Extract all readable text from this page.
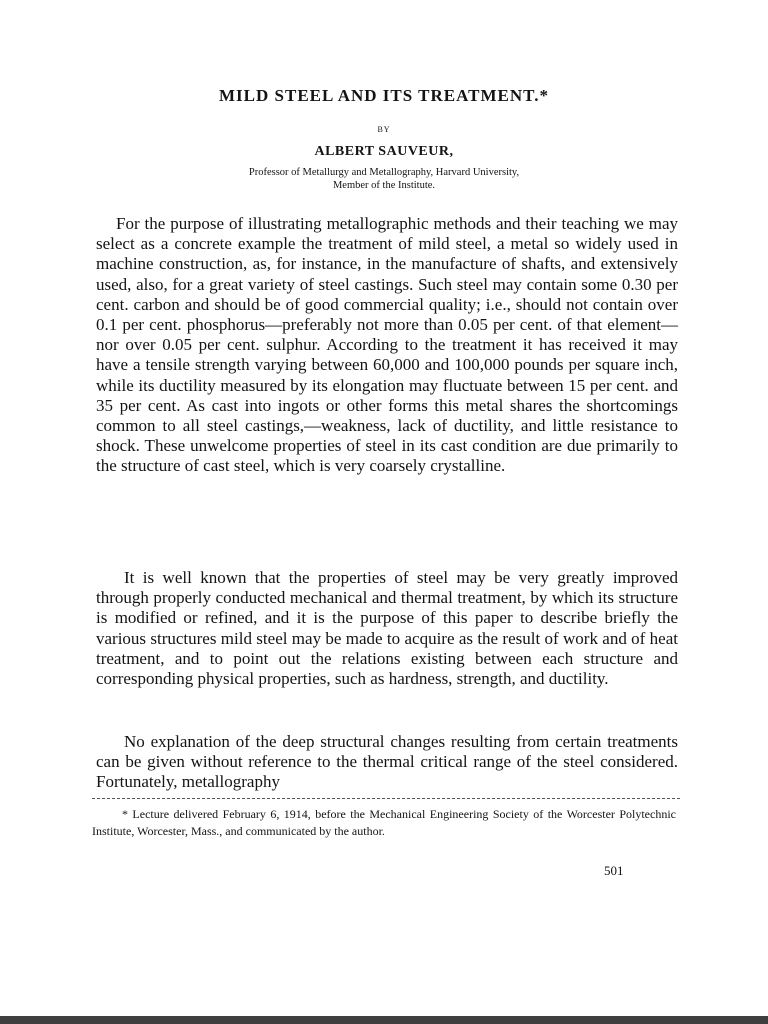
MILD STEEL AND ITS TREATMENT.*
BY
ALBERT SAUVEUR,
Professor of Metallurgy and Metallography, Harvard University,
Member of the Institute.

For the purpose of illustrating metallographic methods and their teaching we may select as a concrete example the treatment of mild steel, a metal so widely used in machine construction, as, for instance, in the manufacture of shafts, and extensively used, also, for a great variety of steel castings. Such steel may contain some 0.30 per cent. carbon and should be of good commercial quality; i.e., should not contain over 0.1 per cent. phosphorus—preferably not more than 0.05 per cent. of that element—nor over 0.05 per cent. sulphur. According to the treatment it has received it may have a tensile strength varying between 60,000 and 100,000 pounds per square inch, while its ductility measured by its elongation may fluctuate between 15 per cent. and 35 per cent. As cast into ingots or other forms this metal shares the shortcomings common to all steel castings,—weakness, lack of ductility, and little resistance to shock. These unwelcome properties of steel in its cast condition are due primarily to the structure of cast steel, which is very coarsely crystalline.

It is well known that the properties of steel may be very greatly improved through properly conducted mechanical and thermal treatment, by which its structure is modified or refined, and it is the purpose of this paper to describe briefly the various structures mild steel may be made to acquire as the result of work and of heat treatment, and to point out the relations existing between each structure and corresponding physical properties, such as hardness, strength, and ductility.

No explanation of the deep structural changes resulting from certain treatments can be given without reference to the thermal critical range of the steel considered. Fortunately, metallography

* Lecture delivered February 6, 1914, before the Mechanical Engineering Society of the Worcester Polytechnic Institute, Worcester, Mass., and communicated by the author.

501
